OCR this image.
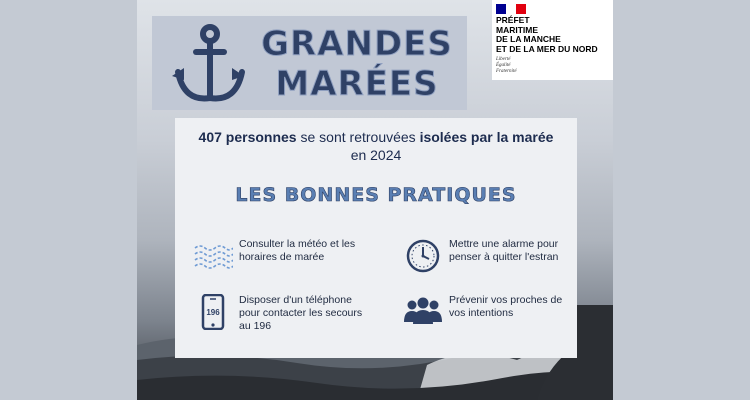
GRANDES
MARÉES
PRÉFET
MARITIME
DE LA MANCHE
ET DE LA MER DU NORD
Liberté
Égalité
Fraternité
407 personnes se sont retrouvées isolées par la marée
en 2024
LES BONNES PRATIQUES
Consulter la météo et les horaires de marée
Mettre une alarme pour penser à quitter l'estran
196
Disposer d'un téléphone pour contacter les secours au 196
Prévenir vos proches de vos intentions
